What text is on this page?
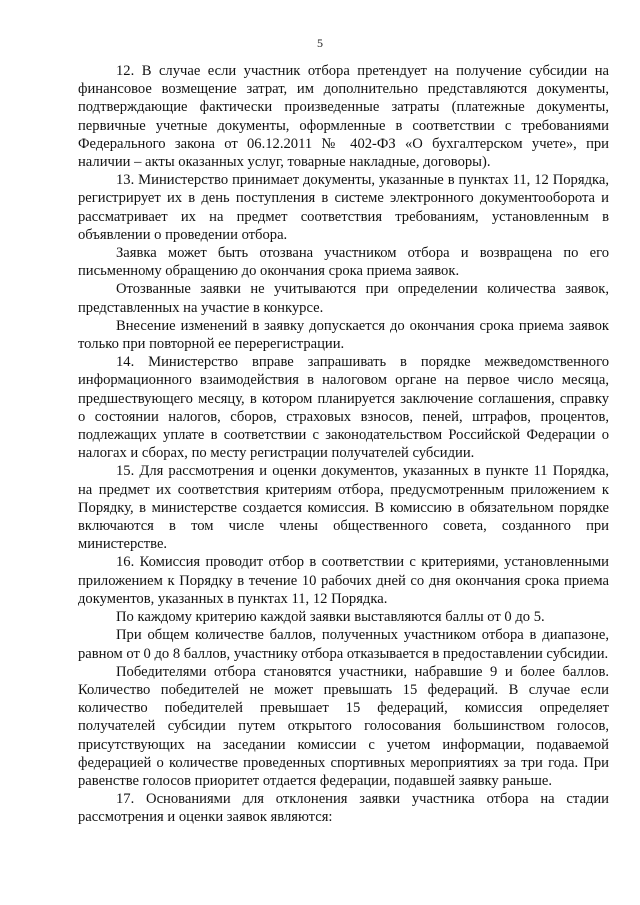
5

12. В случае если участник отбора претендует на получение субсидии на финансовое возмещение затрат, им дополнительно представляются документы, подтверждающие фактически произведенные затраты (платежные документы, первичные учетные документы, оформленные в соответствии с требованиями Федерального закона от 06.12.2011 № 402-ФЗ «О бухгалтерском учете», при наличии – акты оказанных услуг, товарные накладные, договоры).

13. Министерство принимает документы, указанные в пунктах 11, 12 Порядка, регистрирует их в день поступления в системе электронного документооборота и рассматривает их на предмет соответствия требованиям, установленным в объявлении о проведении отбора.

Заявка может быть отозвана участником отбора и возвращена по его письменному обращению до окончания срока приема заявок.

Отозванные заявки не учитываются при определении количества заявок, представленных на участие в конкурсе.

Внесение изменений в заявку допускается до окончания срока приема заявок только при повторной ее перерегистрации.

14. Министерство вправе запрашивать в порядке межведомственного информационного взаимодействия в налоговом органе на первое число месяца, предшествующего месяцу, в котором планируется заключение соглашения, справку о состоянии налогов, сборов, страховых взносов, пеней, штрафов, процентов, подлежащих уплате в соответствии с законодательством Российской Федерации о налогах и сборах, по месту регистрации получателей субсидии.

15. Для рассмотрения и оценки документов, указанных в пункте 11 Порядка, на предмет их соответствия критериям отбора, предусмотренным приложением к Порядку, в министерстве создается комиссия. В комиссию в обязательном порядке включаются в том числе члены общественного совета, созданного при министерстве.

16. Комиссия проводит отбор в соответствии с критериями, установленными приложением к Порядку в течение 10 рабочих дней со дня окончания срока приема документов, указанных в пунктах 11, 12 Порядка.

По каждому критерию каждой заявки выставляются баллы от 0 до 5.

При общем количестве баллов, полученных участником отбора в диапазоне, равном от 0 до 8 баллов, участнику отбора отказывается в предоставлении субсидии.

Победителями отбора становятся участники, набравшие 9 и более баллов. Количество победителей не может превышать 15 федераций. В случае если количество победителей превышает 15 федераций, комиссия определяет получателей субсидии путем открытого голосования большинством голосов, присутствующих на заседании комиссии с учетом информации, подаваемой федерацией о количестве проведенных спортивных мероприятиях за три года. При равенстве голосов приоритет отдается федерации, подавшей заявку раньше.

17. Основаниями для отклонения заявки участника отбора на стадии рассмотрения и оценки заявок являются:
